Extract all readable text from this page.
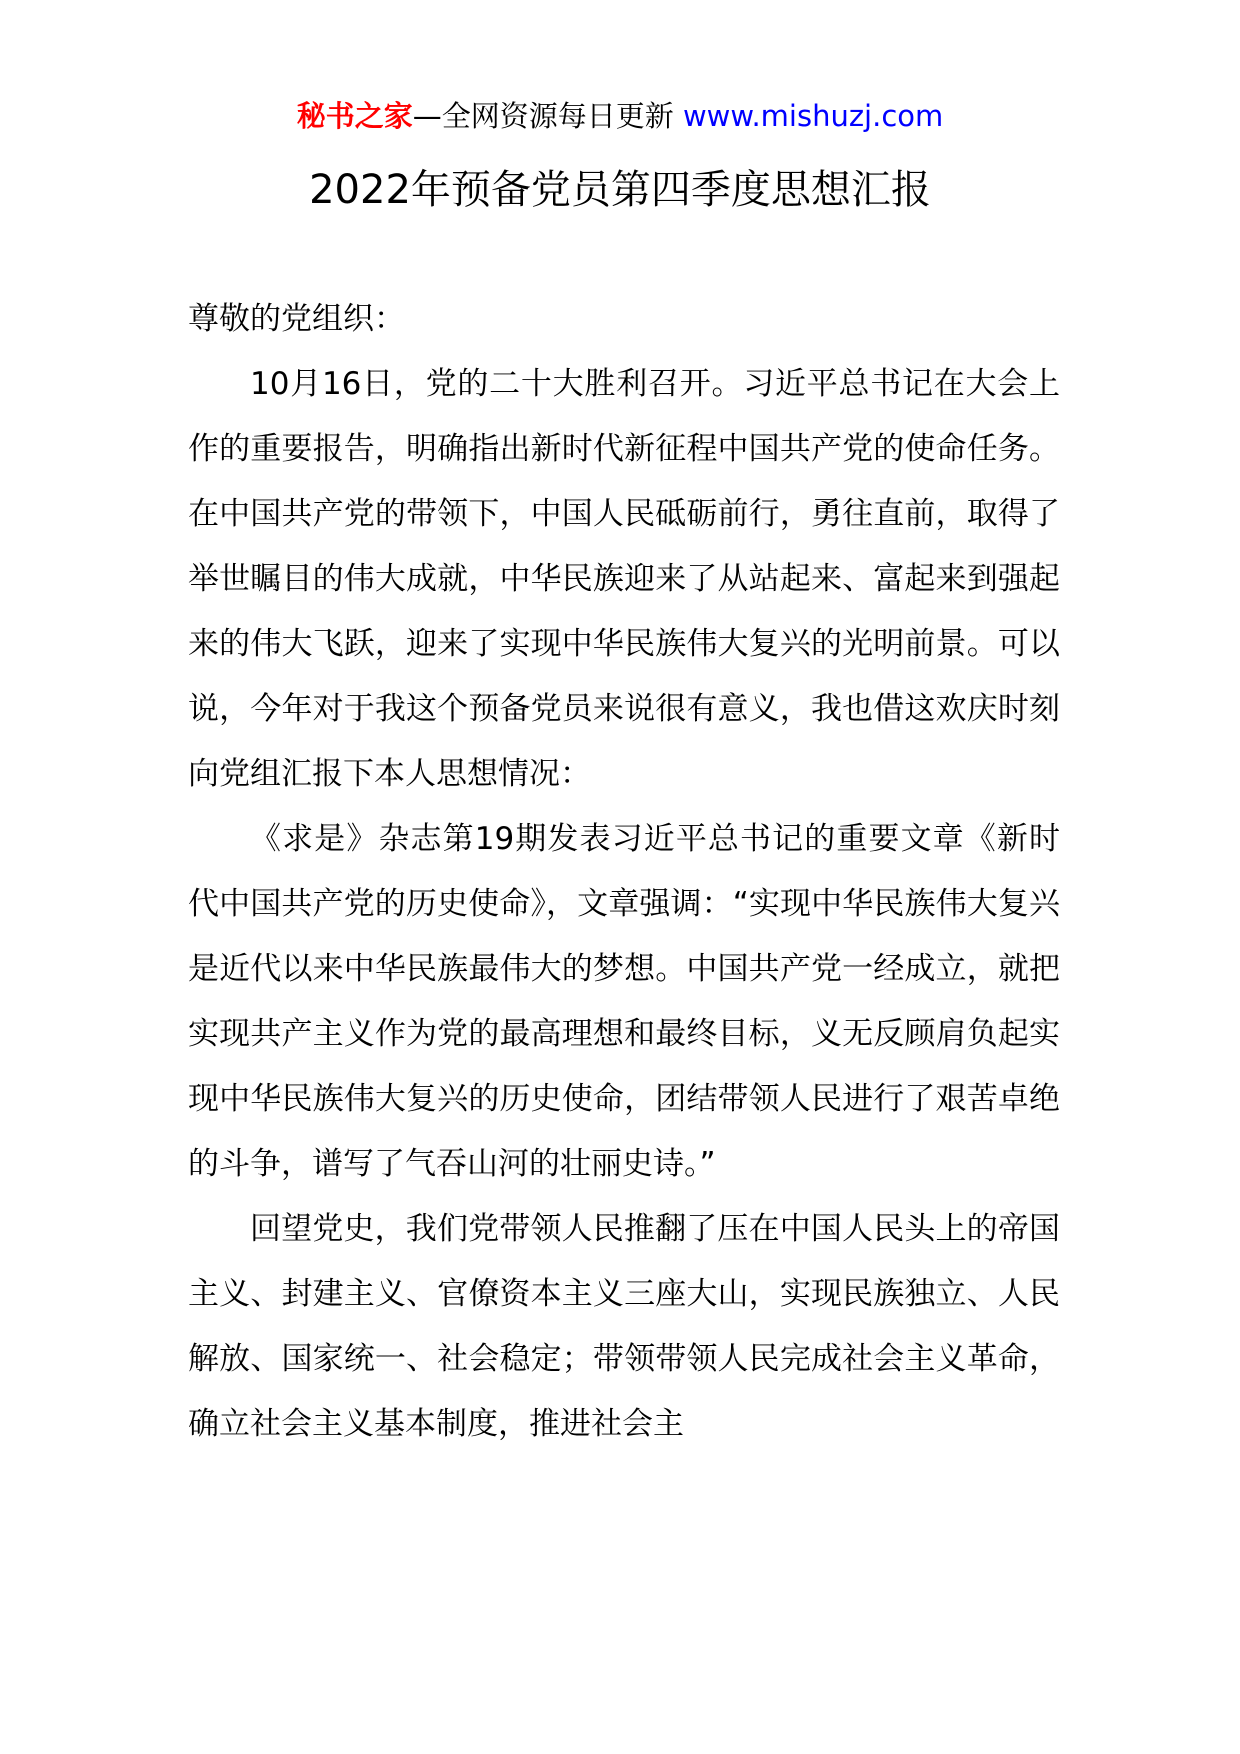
秘书之家—全网资源每日更新 www.mishuzj.com
2022年预备党员第四季度思想汇报

尊敬的党组织：

10月16日，党的二十大胜利召开。习近平总书记在大会上作的重要报告，明确指出新时代新征程中国共产党的使命任务。在中国共产党的带领下，中国人民砥砺前行，勇往直前，取得了举世瞩目的伟大成就，中华民族迎来了从站起来、富起来到强起来的伟大飞跃，迎来了实现中华民族伟大复兴的光明前景。可以说，今年对于我这个预备党员来说很有意义，我也借这欢庆时刻向党组汇报下本人思想情况：

《求是》杂志第19期发表习近平总书记的重要文章《新时代中国共产党的历史使命》，文章强调：“实现中华民族伟大复兴是近代以来中华民族最伟大的梦想。中国共产党一经成立，就把实现共产主义作为党的最高理想和最终目标，义无反顾肩负起实现中华民族伟大复兴的历史使命，团结带领人民进行了艰苦卓绝的斗争，谱写了气吞山河的壮丽史诗。”

回望党史，我们党带领人民推翻了压在中国人民头上的帝国主义、封建主义、官僚资本主义三座大山，实现民族独立、人民解放、国家统一、社会稳定；带领带领人民完成社会主义革命，确立社会主义基本制度，推进社会主
